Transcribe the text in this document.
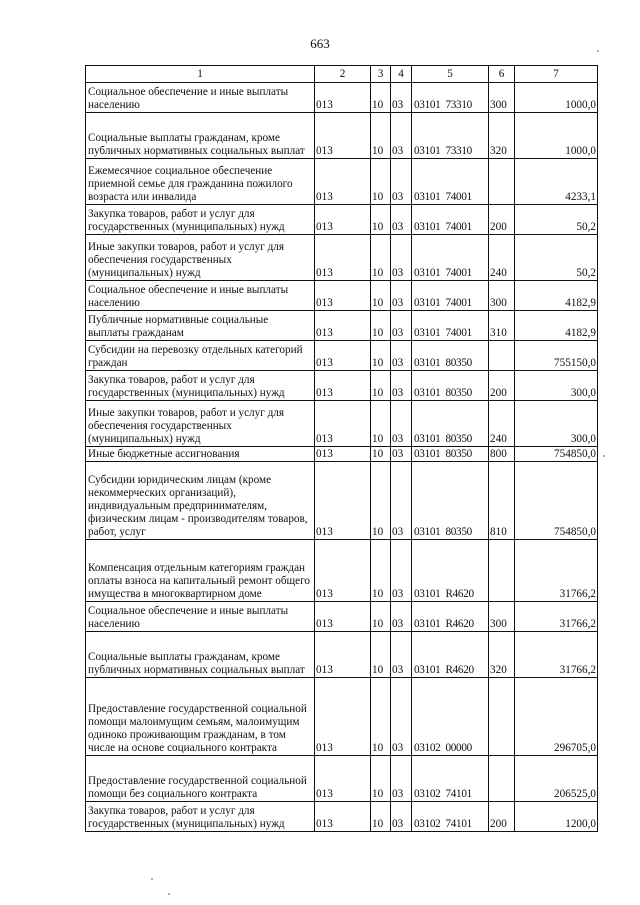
663
1	2	3	4	5	6	7
Социальное обеспечение и иные выплаты населению	013	10	03	03101  73310	300	1000,0
Социальные выплаты гражданам, кроме публичных нормативных социальных выплат	013	10	03	03101  73310	320	1000,0
Ежемесячное социальное обеспечение приемной семье для гражданина пожилого возраста или инвалида	013	10	03	03101  74001		4233,1
Закупка товаров, работ и услуг для государственных (муниципальных) нужд	013	10	03	03101  74001	200	50,2
Иные закупки товаров, работ и услуг для обеспечения государственных (муниципальных) нужд	013	10	03	03101  74001	240	50,2
Социальное обеспечение и иные выплаты населению	013	10	03	03101  74001	300	4182,9
Публичные нормативные социальные выплаты гражданам	013	10	03	03101  74001	310	4182,9
Субсидии на перевозку отдельных категорий граждан	013	10	03	03101  80350		755150,0
Закупка товаров, работ и услуг для государственных (муниципальных) нужд	013	10	03	03101  80350	200	300,0
Иные закупки товаров, работ и услуг для обеспечения государственных (муниципальных) нужд	013	10	03	03101  80350	240	300,0
Иные бюджетные ассигнования	013	10	03	03101  80350	800	754850,0
Субсидии юридическим лицам (кроме некоммерческих организаций), индивидуальным предпринимателям, физическим лицам - производителям товаров, работ, услуг	013	10	03	03101  80350	810	754850,0
Компенсация отдельным категориям граждан оплаты взноса на капитальный ремонт общего имущества в многоквартирном доме	013	10	03	03101  R4620		31766,2
Социальное обеспечение и иные выплаты населению	013	10	03	03101  R4620	300	31766,2
Социальные выплаты гражданам, кроме публичных нормативных социальных выплат	013	10	03	03101  R4620	320	31766,2
Предоставление государственной социальной помощи малоимущим семьям, малоимущим одиноко проживающим гражданам, в том числе на основе социального контракта	013	10	03	03102  00000		296705,0
Предоставление государственной социальной помощи без социального контракта	013	10	03	03102  74101		206525,0
Закупка товаров, работ и услуг для государственных (муниципальных) нужд	013	10	03	03102  74101	200	1200,0
